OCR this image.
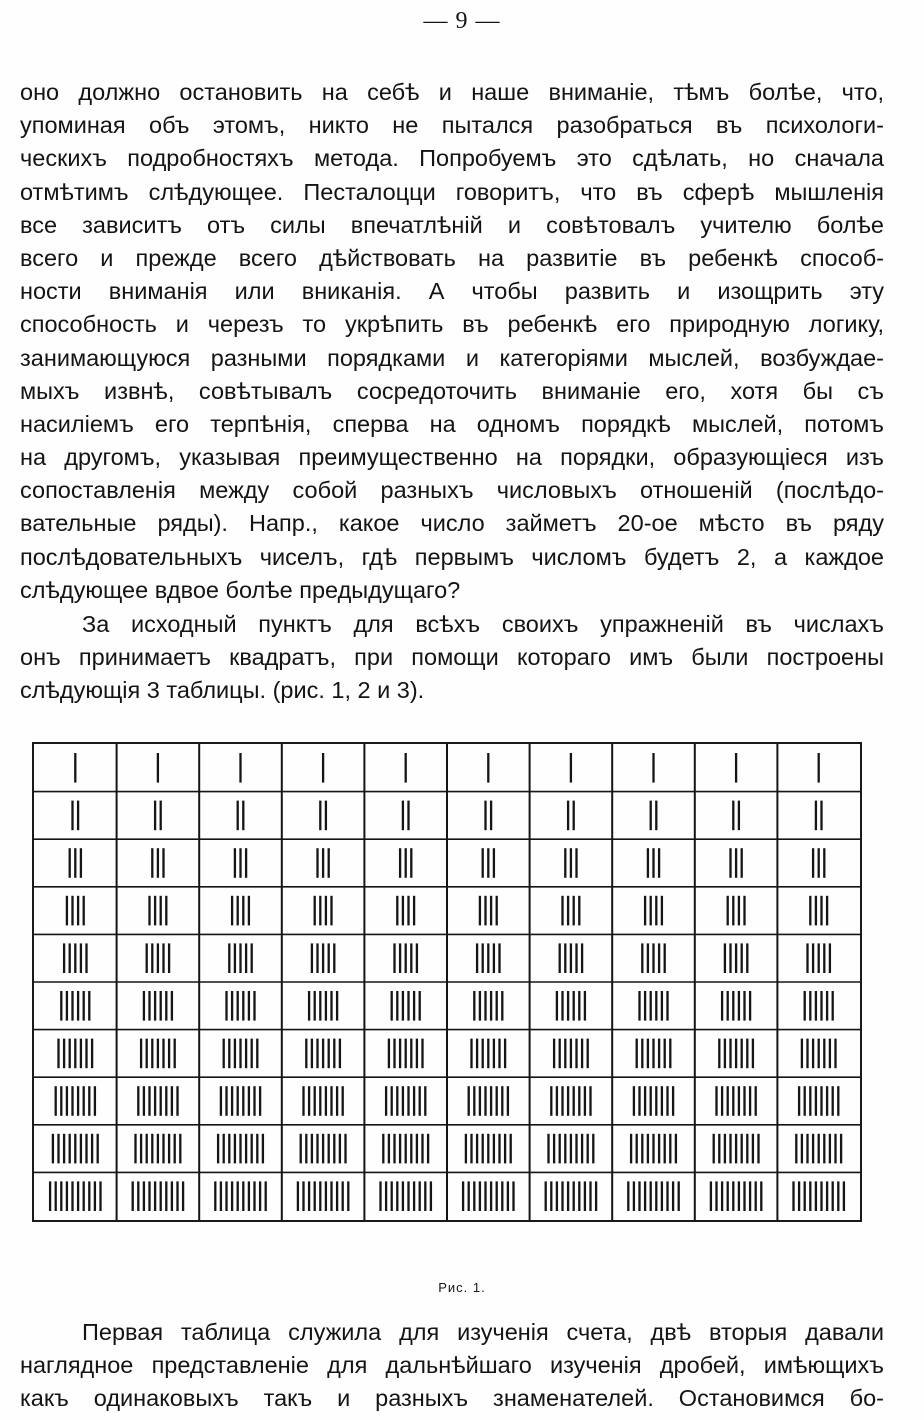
— 9 —
оно должно остановить на себѣ и наше вниманіе, тѣмъ болѣе, что,
упоминая объ этомъ, никто не пытался разобраться въ психологи-
ческихъ подробностяхъ метода. Попробуемъ это сдѣлать, но сначала
отмѣтимъ слѣдующее. Песталоцци говоритъ, что въ сферѣ мышленія
все зависитъ отъ силы впечатлѣній и совѣтовалъ учителю болѣе
всего и прежде всего дѣйствовать на развитіе въ ребенкѣ способ-
ности вниманія или вниканія. А чтобы развить и изощрить эту
способность и черезъ то укрѣпить въ ребенкѣ его природную логику,
занимающуюся разными порядками и категоріями мыслей, возбуждае-
мыхъ извнѣ, совѣтывалъ сосредоточить вниманіе его, хотя бы съ
насиліемъ его терпѣнія, сперва на одномъ порядкѣ мыслей, потомъ
на другомъ, указывая преимущественно на порядки, образующіеся изъ
сопоставленія между собой разныхъ числовыхъ отношеній (послѣдо-
вательные ряды). Напр., какое число займетъ 20-ое мѣсто въ ряду
послѣдовательныхъ чиселъ, гдѣ первымъ числомъ будетъ 2, а каждое
слѣдующее вдвое болѣе предыдущаго?
За исходный пунктъ для всѣхъ своихъ упражненій въ числахъ
онъ принимаетъ квадратъ, при помощи котораго имъ были построены
слѣдующія 3 таблицы. (рис. 1, 2 и 3).
Рис. 1.
Первая таблица служила для изученія счета, двѣ вторыя давали
наглядное представленіе для дальнѣйшаго изученія дробей, имѣющихъ
какъ одинаковыхъ такъ и разныхъ знаменателей. Остановимся бо-
